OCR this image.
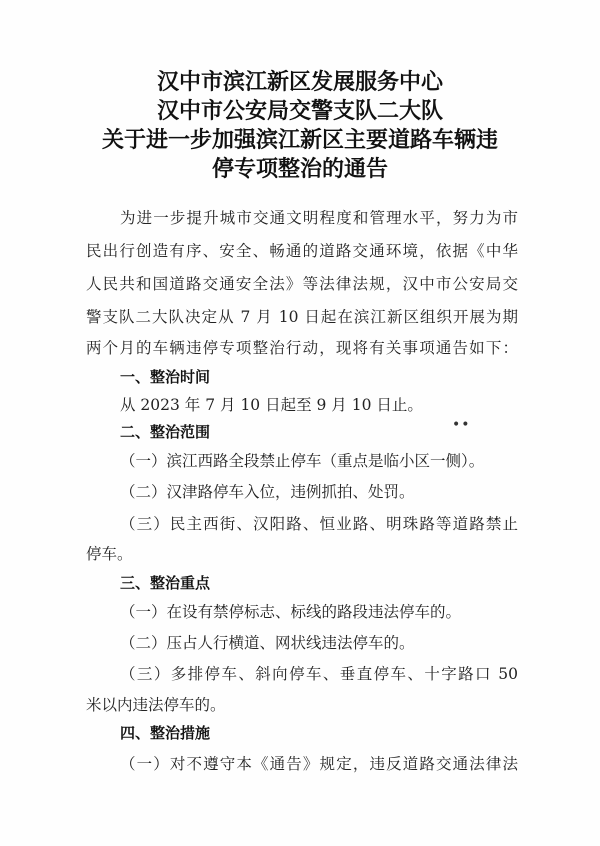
汉中市滨江新区发展服务中心
汉中市公安局交警支队二大队
关于进一步加强滨江新区主要道路车辆违
停专项整治的通告
为进一步提升城市交通文明程度和管理水平，努力为市
民出行创造有序、安全、畅通的道路交通环境，依据《中华
人民共和国道路交通安全法》等法律法规，汉中市公安局交
警支队二大队决定从 7 月 10 日起在滨江新区组织开展为期
两个月的车辆违停专项整治行动，现将有关事项通告如下：
一、整治时间
从 2023 年 7 月 10 日起至 9 月 10 日止。
二、整治范围	••
（一）滨江西路全段禁止停车（重点是临小区一侧）。
（二）汉津路停车入位，违例抓拍、处罚。
（三）民主西街、汉阳路、恒业路、明珠路等道路禁止
停车。
三、整治重点
（一）在设有禁停标志、标线的路段违法停车的。
（二）压占人行横道、网状线违法停车的。
（三）多排停车、斜向停车、垂直停车、十字路口 50
米以内违法停车的。
四、整治措施
（一）对不遵守本《通告》规定，违反道路交通法律法
